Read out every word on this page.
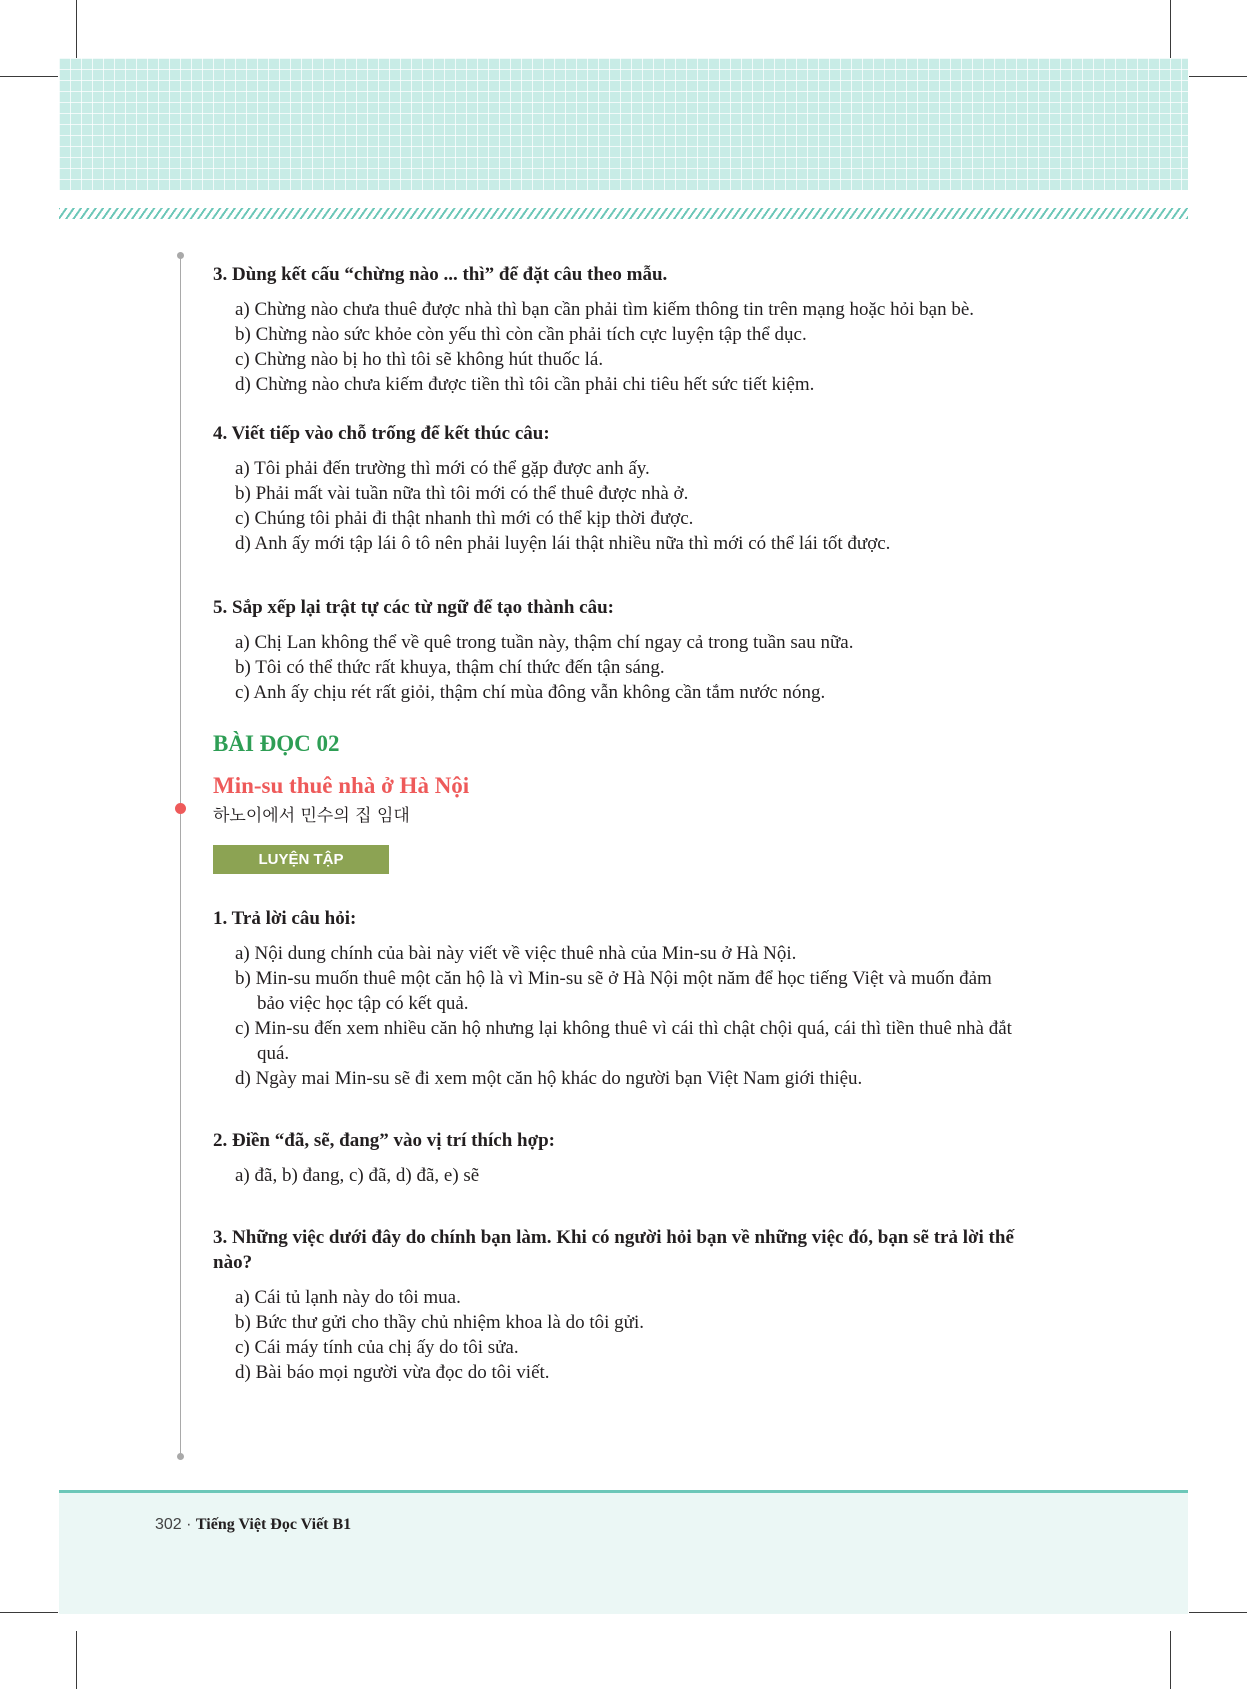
3. Dùng kết cấu “chừng nào ... thì” để đặt câu theo mẫu.

a) Chừng nào chưa thuê được nhà thì bạn cần phải tìm kiếm thông tin trên mạng hoặc hỏi bạn bè.
b) Chừng nào sức khỏe còn yếu thì còn cần phải tích cực luyện tập thể dục.
c) Chừng nào bị ho thì tôi sẽ không hút thuốc lá.
d) Chừng nào chưa kiếm được tiền thì tôi cần phải chi tiêu hết sức tiết kiệm.

4. Viết tiếp vào chỗ trống để kết thúc câu:

a) Tôi phải đến trường thì mới có thể gặp được anh ấy.
b) Phải mất vài tuần nữa thì tôi mới có thể thuê được nhà ở.
c) Chúng tôi phải đi thật nhanh thì mới có thể kịp thời được.
d) Anh ấy mới tập lái ô tô nên phải luyện lái thật nhiều nữa thì mới có thể lái tốt được.

5. Sắp xếp lại trật tự các từ ngữ để tạo thành câu:

a) Chị Lan không thể về quê trong tuần này, thậm chí ngay cả trong tuần sau nữa.
b) Tôi có thể thức rất khuya, thậm chí thức đến tận sáng.
c) Anh ấy chịu rét rất giỏi, thậm chí mùa đông vẫn không cần tắm nước nóng.

BÀI ĐỌC 02

Min-su thuê nhà ở Hà Nội

하노이에서 민수의 집 임대

LUYỆN TẬP

1. Trả lời câu hỏi:

a) Nội dung chính của bài này viết về việc thuê nhà của Min-su ở Hà Nội.
b) Min-su muốn thuê một căn hộ là vì Min-su sẽ ở Hà Nội một năm để học tiếng Việt và muốn đảm bảo việc học tập có kết quả.
c) Min-su đến xem nhiều căn hộ nhưng lại không thuê vì cái thì chật chội quá, cái thì tiền thuê nhà đắt quá.
d) Ngày mai Min-su sẽ đi xem một căn hộ khác do người bạn Việt Nam giới thiệu.

2. Điền “đã, sẽ, đang” vào vị trí thích hợp:

a) đã, b) đang, c) đã, d) đã, e) sẽ

3. Những việc dưới đây do chính bạn làm. Khi có người hỏi bạn về những việc đó, bạn sẽ trả lời thế nào?

a) Cái tủ lạnh này do tôi mua.
b) Bức thư gửi cho thầy chủ nhiệm khoa là do tôi gửi.
c) Cái máy tính của chị ấy do tôi sửa.
d) Bài báo mọi người vừa đọc do tôi viết.
302 · Tiếng Việt Đọc Viết B1
